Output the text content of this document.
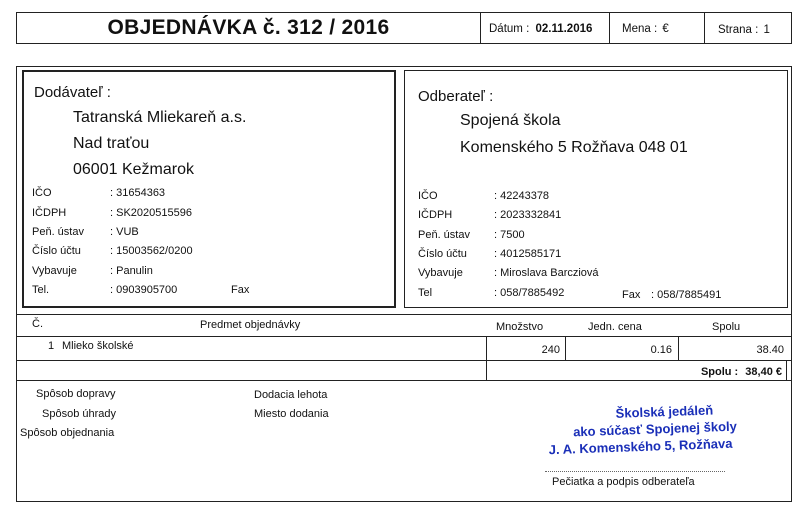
OBJEDNÁVKA č. 312 / 2016	Dátum : 02.11.2016	Mena : €	Strana : 1
Dodávateľ :
Tatranská Mliekareň a.s.
Nad traťou
06001 Kežmarok
IČO	: 31654363
IČDPH	: SK2020515596
Peň. ústav : VUB
Číslo účtu	: 15003562/0200
Vybavuje	: Panulin
Tel.	: 0903905700	Fax
Odberateľ :
Spojená škola
Komenského 5 Rožňava 048 01
IČO	: 42243378
IČDPH	: 2023332841
Peň. ústav : 7500
Číslo účtu : 4012585171
Vybavuje	: Miroslava Barcziová
Tel	: 058/7885492	Fax : 058/7885491
Č.	Predmet objednávky	Množstvo	Jedn. cena	Spolu
1 Mlieko školské	240	0.16	38.40
Spolu : 38,40 €
Spôsob dopravy
Spôsob úhrady
Spôsob objednania
Dodacia lehota
Miesto dodania	Školská jedáleň
ako súčasť Spojenej školy
J. A. Komenského 5, Rožňava
Pečiatka a podpis odberateľa
